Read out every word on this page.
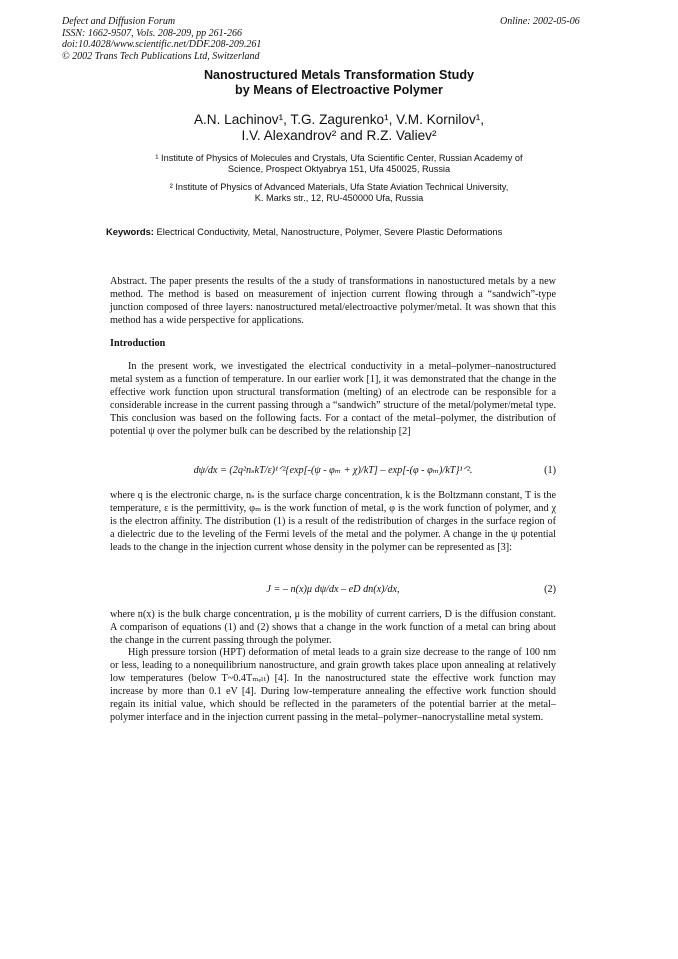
Defect and Diffusion Forum
ISSN: 1662-9507, Vols. 208-209, pp 261-266
doi:10.4028/www.scientific.net/DDF.208-209.261
© 2002 Trans Tech Publications Ltd, Switzerland
Online: 2002-05-06
Nanostructured Metals Transformation Study
by Means of Electroactive Polymer
A.N. Lachinov¹, T.G. Zagurenko¹, V.M. Kornilov¹,
I.V. Alexandrov² and R.Z. Valiev²
¹ Institute of Physics of Molecules and Crystals, Ufa Scientific Center, Russian Academy of
Science, Prospect Oktyabrya 151, Ufa 450025, Russia
² Institute of Physics of Advanced Materials, Ufa State Aviation Technical University,
K. Marks str., 12, RU-450000 Ufa, Russia
Keywords: Electrical Conductivity, Metal, Nanostructure, Polymer, Severe Plastic Deformations
Abstract. The paper presents the results of the a study of transformations in nanostuctured metals by a new method. The method is based on measurement of injection current flowing through a “sandwich”-type junction composed of three layers: nanostructured metal/electroactive polymer/metal. It was shown that this method has a wide perspective for applications.
Introduction
In the present work, we investigated the electrical conductivity in a metal–polymer–nanostructured metal system as a function of temperature. In our earlier work [1], it was demonstrated that the change in the effective work function upon structural transformation (melting) of an electrode can be responsible for a considerable increase in the current passing through a “sandwich” structure of the metal/polymer/metal type. This conclusion was based on the following facts. For a contact of the metal–polymer, the distribution of potential ψ over the polymer bulk can be described by the relationship [2]
dψ/dx = (2q²nₛkT/ε)¹ᐟ²{exp[-(ψ - φₘ + χ)/kT] – exp[-(φ - φₘ)/kT}¹ᐟ².	(1)
where q is the electronic charge, nₛ is the surface charge concentration, k is the Boltzmann constant, T is the temperature, ε is the permittivity, φₘ is the work function of metal, φ is the work function of polymer, and χ is the electron affinity. The distribution (1) is a result of the redistribution of charges in the surface region of a dielectric due to the leveling of the Fermi levels of the metal and the polymer. A change in the ψ potential leads to the change in the injection current whose density in the polymer can be represented as [3]:
J = – n(x)μ dψ/dx – eD dn(x)/dx,	(2)
where n(x) is the bulk charge concentration, μ is the mobility of current carriers, D is the diffusion constant. A comparison of equations (1) and (2) shows that a change in the work function of a metal can bring about the change in the current passing through the polymer.
High pressure torsion (HPT) deformation of metal leads to a grain size decrease to the range of 100 nm or less, leading to a nonequilibrium nanostructure, and grain growth takes place upon annealing at relatively low temperatures (below T~0.4Tₘₑₗₜ) [4]. In the nanostructured state the effective work function may increase by more than 0.1 eV [4]. During low-temperature annealing the effective work function should regain its initial value, which should be reflected in the parameters of the potential barrier at the metal–polymer interface and in the injection current passing in the metal–polymer–nanocrystalline metal system.
